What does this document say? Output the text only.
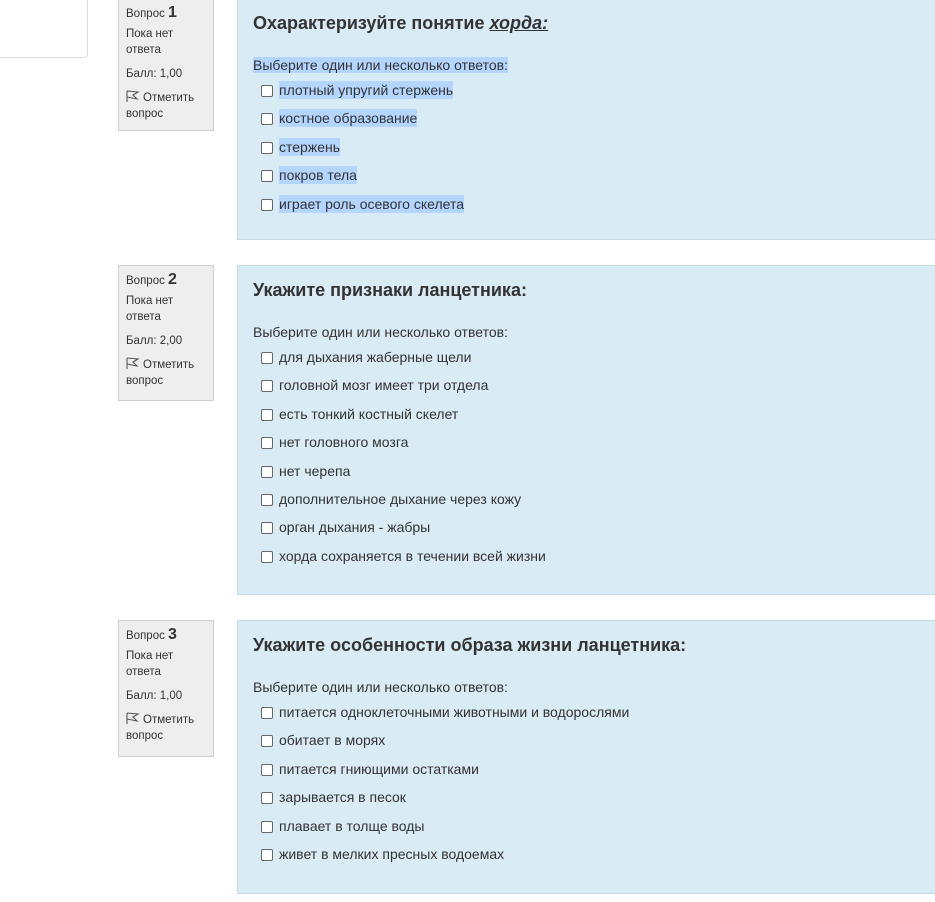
Вопрос 1
Пока нет
ответа
Балл: 1,00
Отметить
вопрос
Охарактеризуйте понятие хорда:
Выберите один или несколько ответов:
плотный упругий стержень
костное образование
стержень
покров тела
играет роль осевого скелета
Вопрос 2
Пока нет
ответа
Балл: 2,00
Отметить
вопрос
Укажите признаки ланцетника:
Выберите один или несколько ответов:
для дыхания жаберные щели
головной мозг имеет три отдела
есть тонкий костный скелет
нет головного мозга
нет черепа
дополнительное дыхание через кожу
орган дыхания - жабры
хорда сохраняется в течении всей жизни
Вопрос 3
Пока нет
ответа
Балл: 1,00
Отметить
вопрос
Укажите особенности образа жизни ланцетника:
Выберите один или несколько ответов:
питается одноклеточными животными и водорослями
обитает в морях
питается гниющими остатками
зарывается в песок
плавает в толще воды
живет в мелких пресных водоемах
